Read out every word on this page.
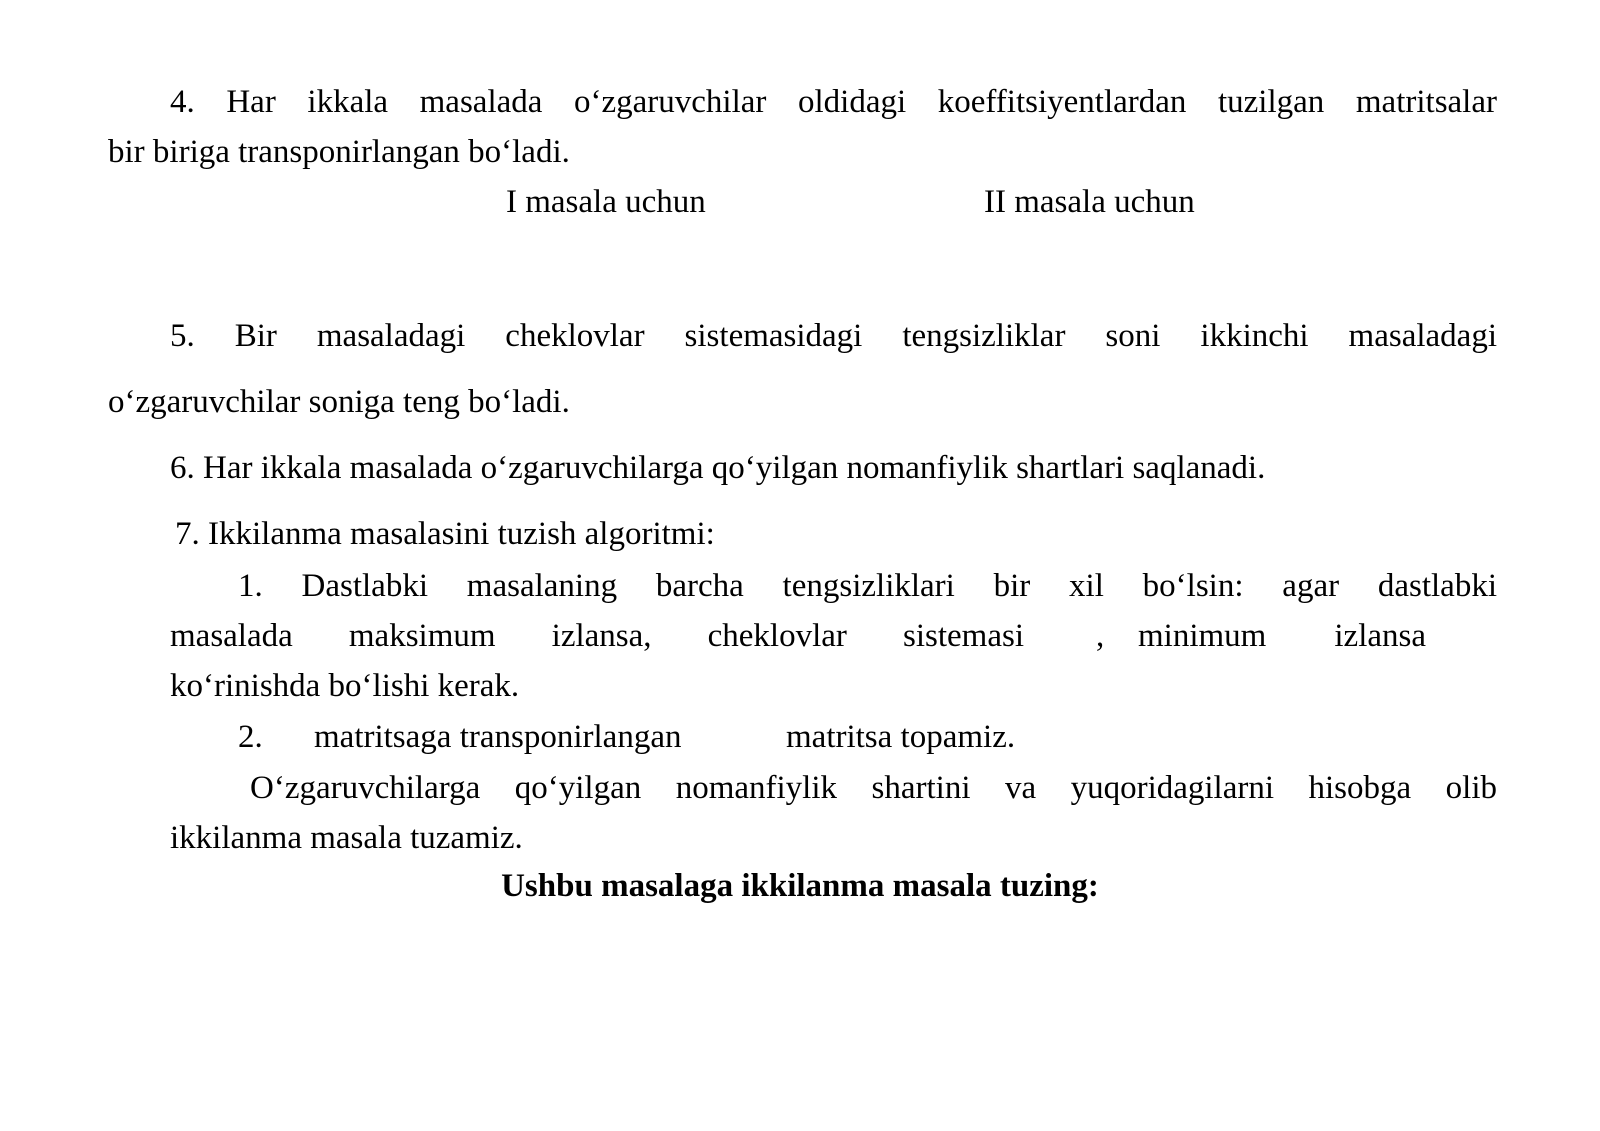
4. Har ikkala masalada o‘zgaruvchilar oldidagi koeffitsiyentlardan tuzilgan matritsalar
bir biriga transponirlangan bo‘ladi.
I masala uchun	II masala uchun
5. Bir masaladagi cheklovlar sistemasidagi tengsizliklar soni ikkinchi masaladagi
o‘zgaruvchilar soniga teng bo‘ladi.
6. Har ikkala masalada o‘zgaruvchilarga qo‘yilgan nomanfiylik shartlari saqlanadi.
7. Ikkilanma masalasini tuzish algoritmi:
1. Dastlabki masalaning barcha tengsizliklari bir xil bo‘lsin: agar dastlabki
masalada maksimum izlansa, cheklovlar sistemasi , minimum izlansa
ko‘rinishda bo‘lishi kerak.
2. matritsaga transponirlangan	matritsa topamiz.
O‘zgaruvchilarga qo‘yilgan nomanfiylik shartini va yuqoridagilarni hisobga olib
ikkilanma masala tuzamiz.
Ushbu masalaga ikkilanma masala tuzing:
